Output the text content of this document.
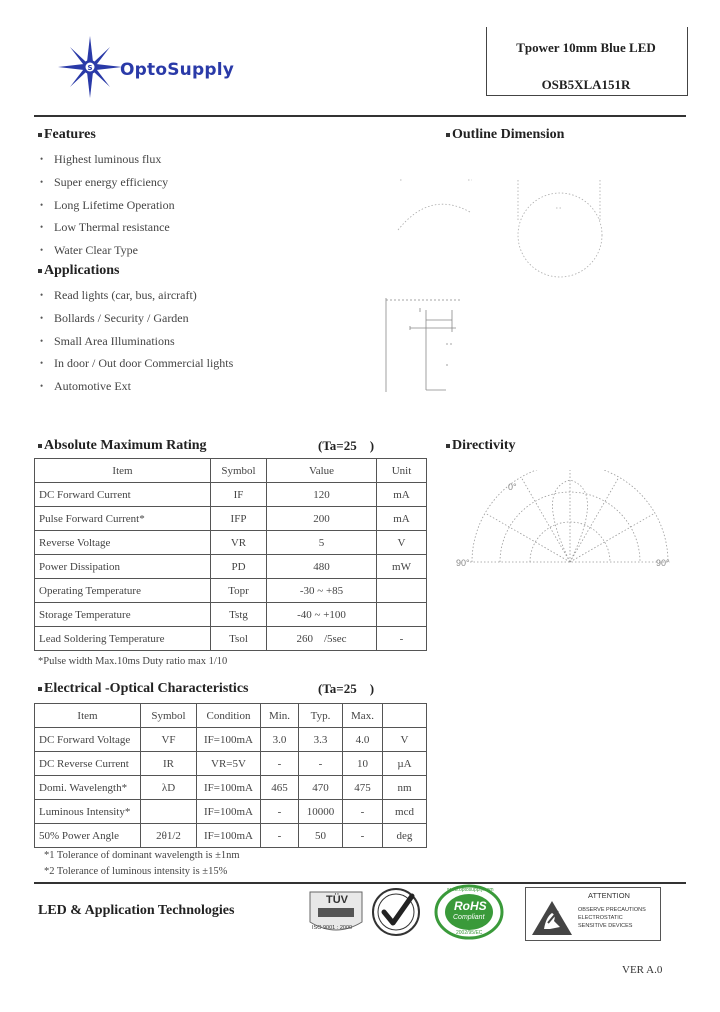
S OptoSupply
Tpower 10mm Blue LED
OSB5XLA151R
Features
• Highest luminous flux
• Super energy efficiency
• Long Lifetime Operation
• Low Thermal resistance
• Water Clear Type
Applications
• Read lights (car, bus, aircraft)
• Bollards / Security / Garden
• Small Area Illuminations
• In door / Out door Commercial lights
• Automotive Ext
Outline Dimension
Absolute Maximum Rating	(Ta=25    )
Item	Symbol	Value	Unit
DC Forward Current	IF	120	mA
Pulse Forward Current*	IFP	200	mA
Reverse Voltage	VR	5	V
Power Dissipation	PD	480	mW
Operating Temperature	Topr	-30 ~ +85	
Storage Temperature	Tstg	-40 ~ +100	
Lead Soldering Temperature	Tsol	260    /5sec	-
*Pulse width Max.10ms Duty ratio max 1/10
Directivity
90°
0°
90°
Electrical -Optical Characteristics	(Ta=25    )
Item	Symbol	Condition	Min.	Typ.	Max.	
DC Forward Voltage	VF	IF=100mA	3.0	3.3	4.0	V
DC Reverse Current	IR	VR=5V	-	-	10	µA
Domi. Wavelength*	λD	IF=100mA	465	470	475	nm
Luminous Intensity*		IF=100mA	-	10000	-	mcd
50% Power Angle	2θ1/2	IF=100mA	-	50	-	deg
*1 Tolerance of dominant wavelength is ±1nm
*2 Tolerance of luminous intensity is ±15%
LED & Application Technologies
TÜV
ISO 9001 : 2000
www.optosupply.com
RoHS
Compliant
2002/95/EC
ATTENTION
OBSERVE PRECAUTIONS
ELECTROSTATIC
SENSITIVE DEVICES
VER A.0
